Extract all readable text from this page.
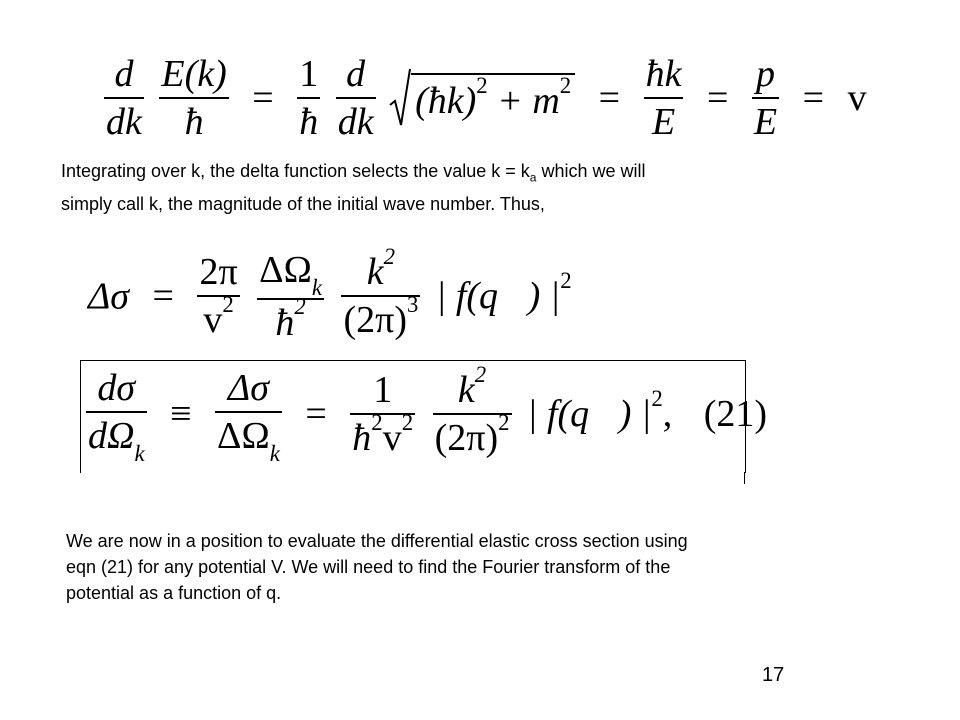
$\frac{d}{dk}$
$\frac{E(k)}{ħ} = \frac{1}{ħ}$
$\frac{d}{dk}$ (ħk)$^2$ + $m^2 = \frac{ħk}{E} = \frac{p}{E} = v$

Integrating over k, the delta function selects the value $k = k_a$ which we will

simply call k, the magnitude of the initial wave number. Thus,

$\Delta\sigma = \frac{2\pi}{v^2}$
$\frac{\Delta\Omega_k}{ħ^2}$
$\frac{k^2}{(2\pi)^3}$ | f(q⃗) $|^2$
$\frac{d\sigma}{d\Omega_k} \equiv \frac{\Delta\sigma}{\Delta\Omega_k} = \frac{1}{ħ^2v^2}$
$\frac{k^2}{(2\pi)^2}$ | f(q⃗) $|^2$, (21)

We are now in a position to evaluate the differential elastic cross section using

eqn (21) for any potential V. We will need to find the Fourier transform of the

potential as a function of q.

17
